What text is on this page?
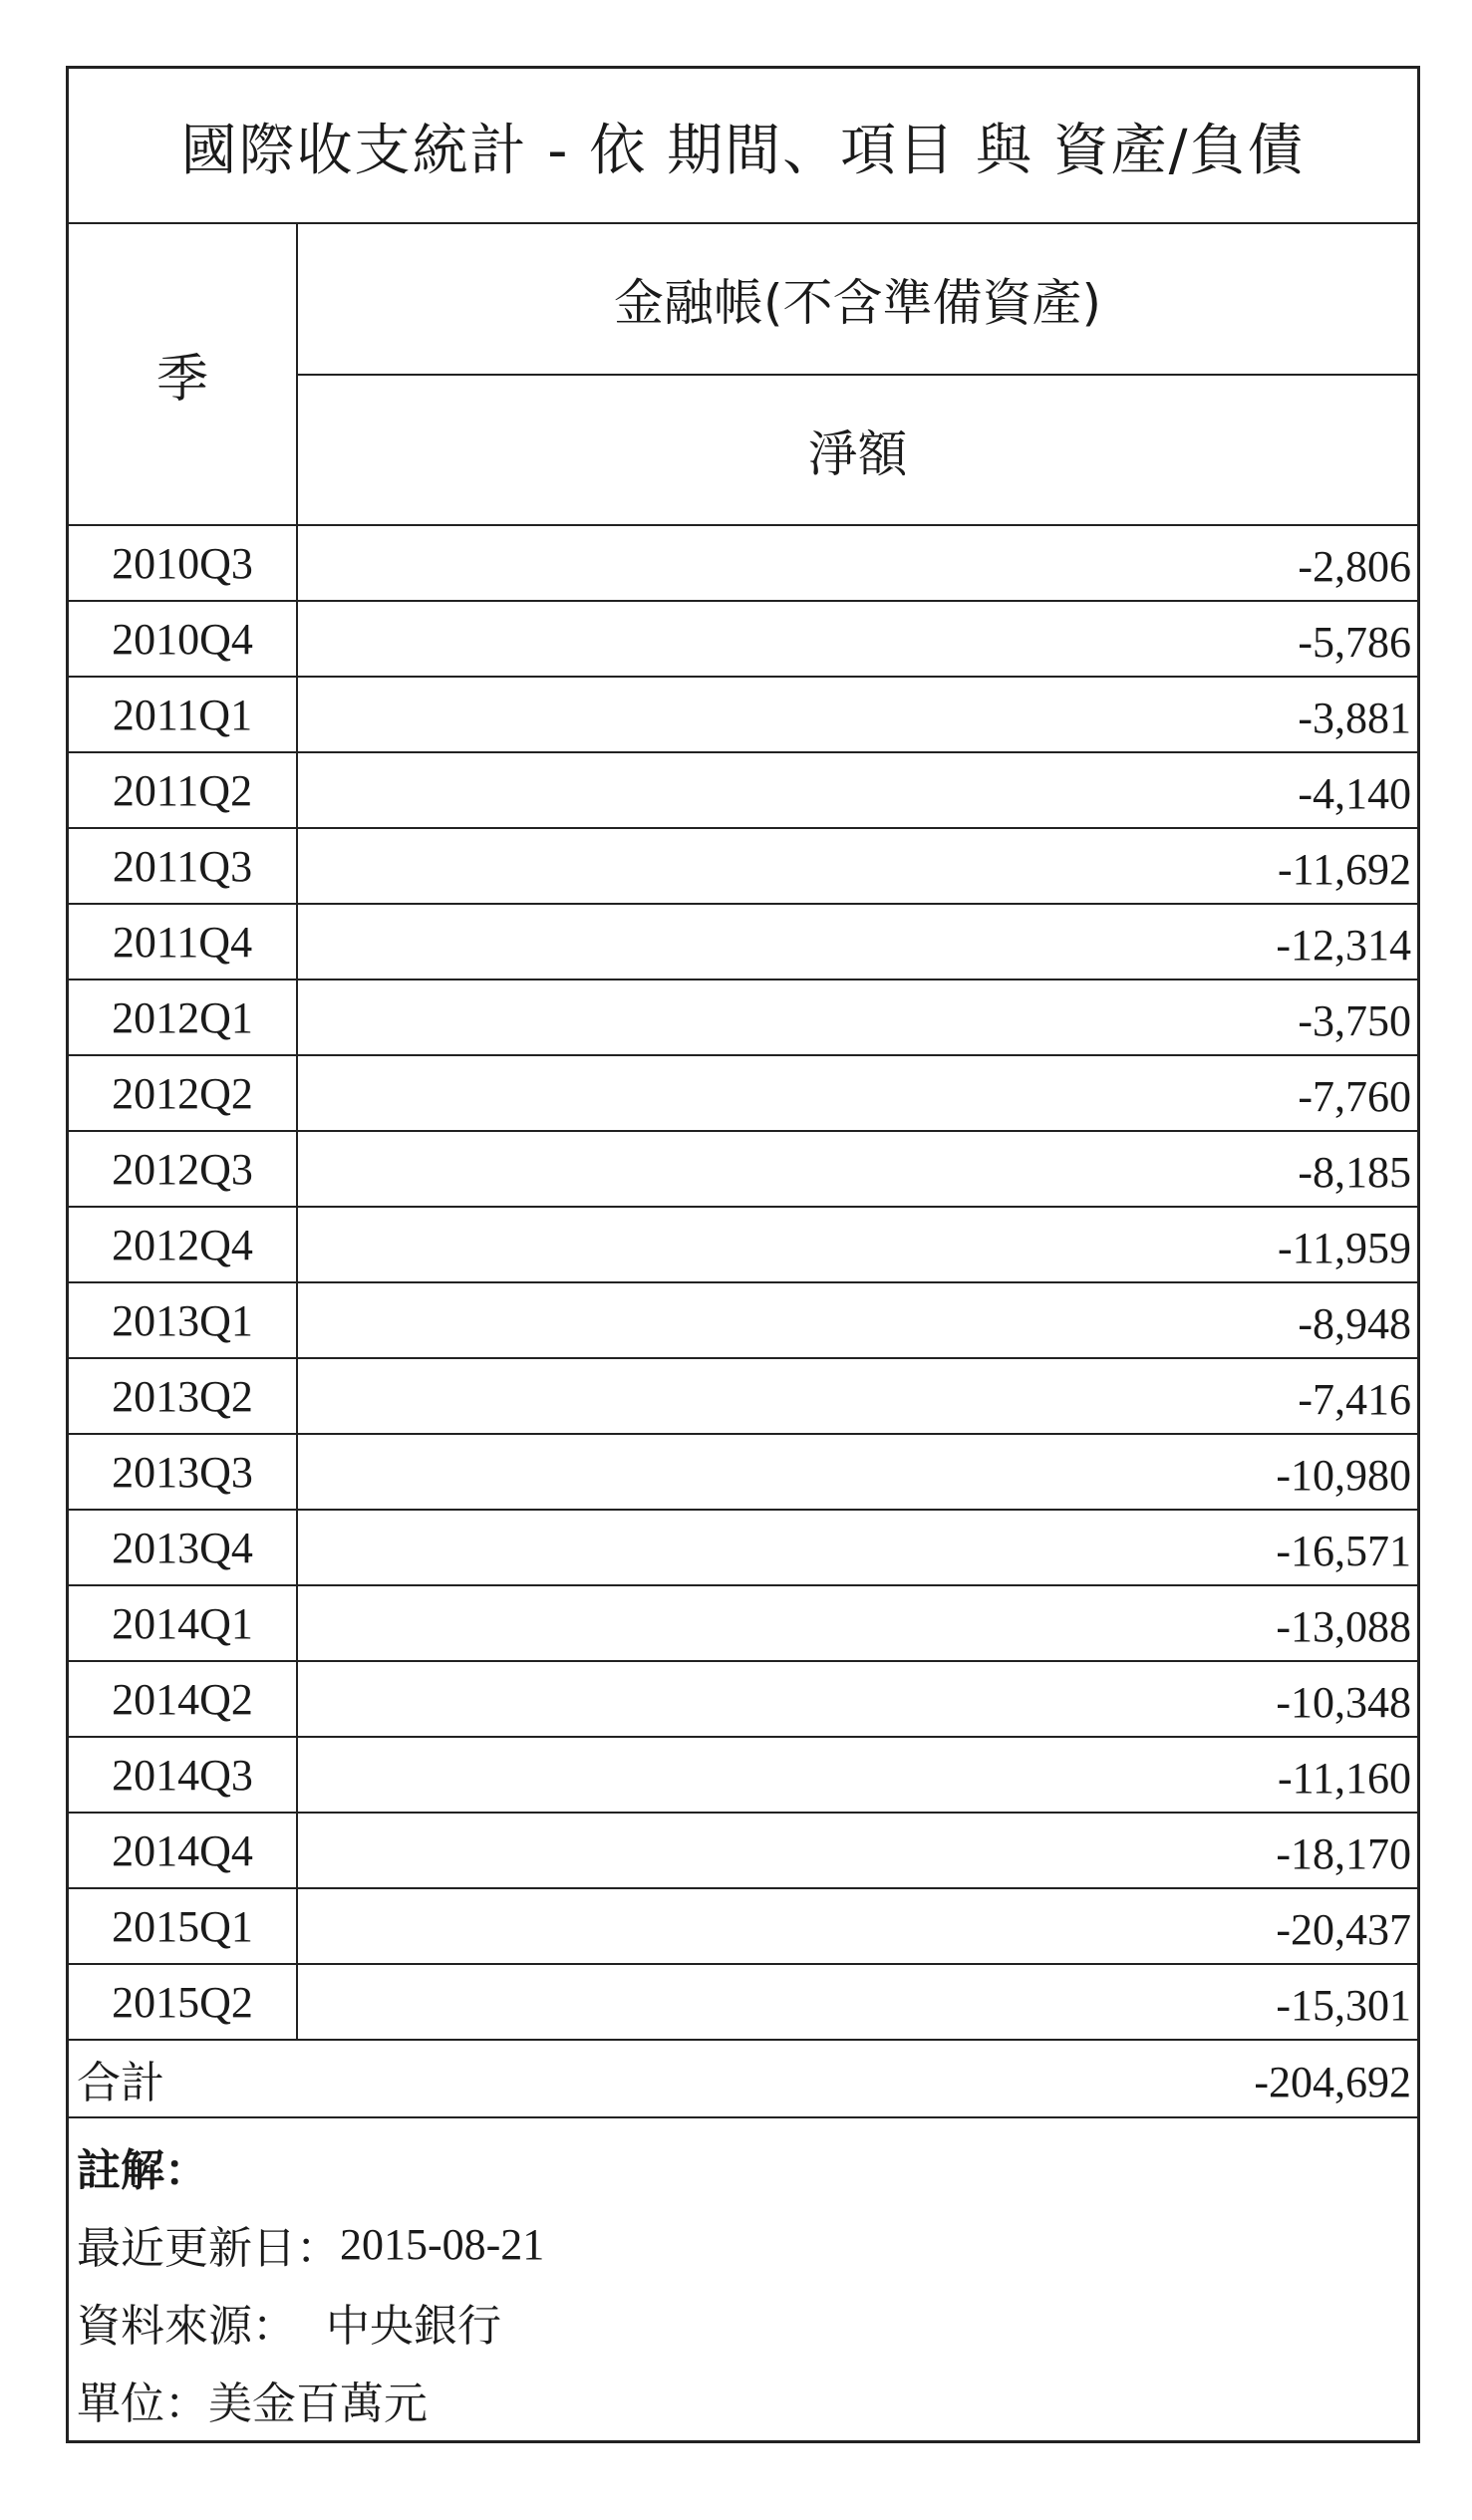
國際收支統計 - 依 期間、項目 與 資產/負債
季
金融帳(不含準備資產)
淨額
2010Q3	-2,806
2010Q4	-5,786
2011Q1	-3,881
2011Q2	-4,140
2011Q3	-11,692
2011Q4	-12,314
2012Q1	-3,750
2012Q2	-7,760
2012Q3	-8,185
2012Q4	-11,959
2013Q1	-8,948
2013Q2	-7,416
2013Q3	-10,980
2013Q4	-16,571
2014Q1	-13,088
2014Q2	-10,348
2014Q3	-11,160
2014Q4	-18,170
2015Q1	-20,437
2015Q2	-15,301
合計	-204,692
註解：
最近更新日： 2015-08-21
資料來源： 中央銀行
單位：美金百萬元
